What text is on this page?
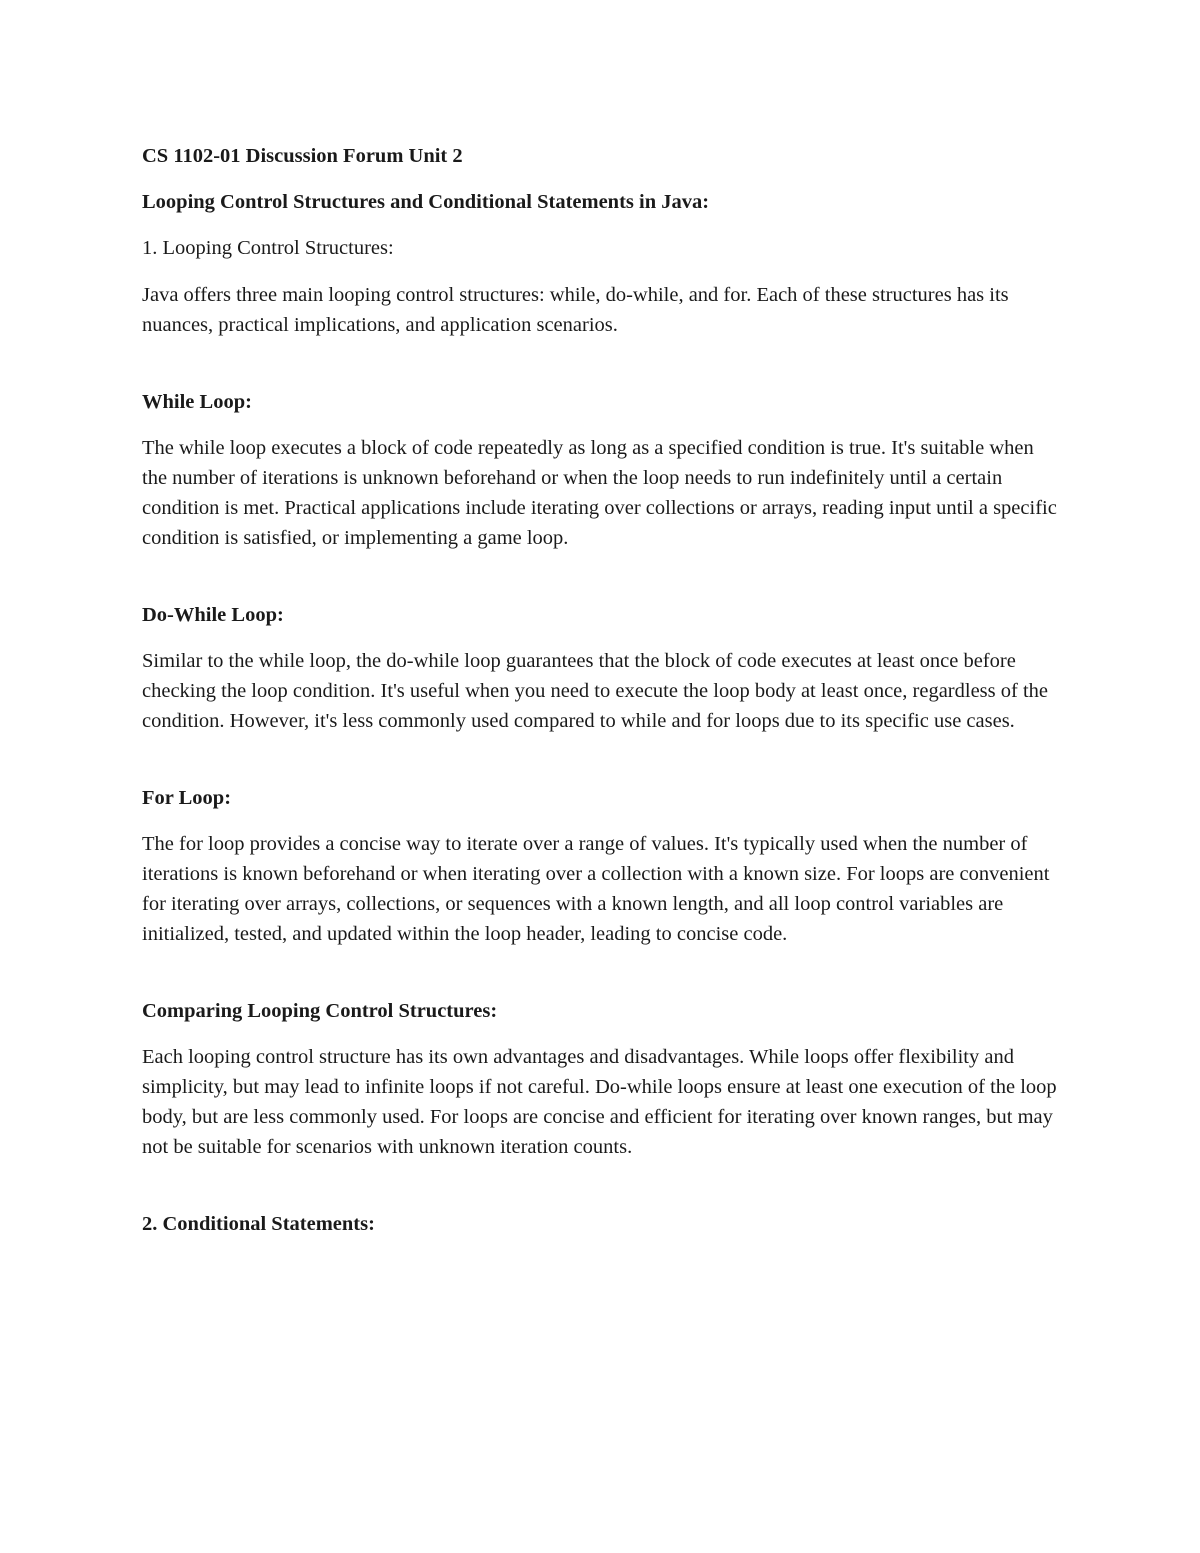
CS 1102-01 Discussion Forum Unit 2

Looping Control Structures and Conditional Statements in Java:

1. Looping Control Structures:

Java offers three main looping control structures: while, do-while, and for. Each of these structures has its nuances, practical implications, and application scenarios.

While Loop:

The while loop executes a block of code repeatedly as long as a specified condition is true. It's suitable when the number of iterations is unknown beforehand or when the loop needs to run indefinitely until a certain condition is met. Practical applications include iterating over collections or arrays, reading input until a specific condition is satisfied, or implementing a game loop.

Do-While Loop:

Similar to the while loop, the do-while loop guarantees that the block of code executes at least once before checking the loop condition. It's useful when you need to execute the loop body at least once, regardless of the condition. However, it's less commonly used compared to while and for loops due to its specific use cases.

For Loop:

The for loop provides a concise way to iterate over a range of values. It's typically used when the number of iterations is known beforehand or when iterating over a collection with a known size. For loops are convenient for iterating over arrays, collections, or sequences with a known length, and all loop control variables are initialized, tested, and updated within the loop header, leading to concise code.

Comparing Looping Control Structures:

Each looping control structure has its own advantages and disadvantages. While loops offer flexibility and simplicity, but may lead to infinite loops if not careful. Do-while loops ensure at least one execution of the loop body, but are less commonly used. For loops are concise and efficient for iterating over known ranges, but may not be suitable for scenarios with unknown iteration counts.

2. Conditional Statements:
